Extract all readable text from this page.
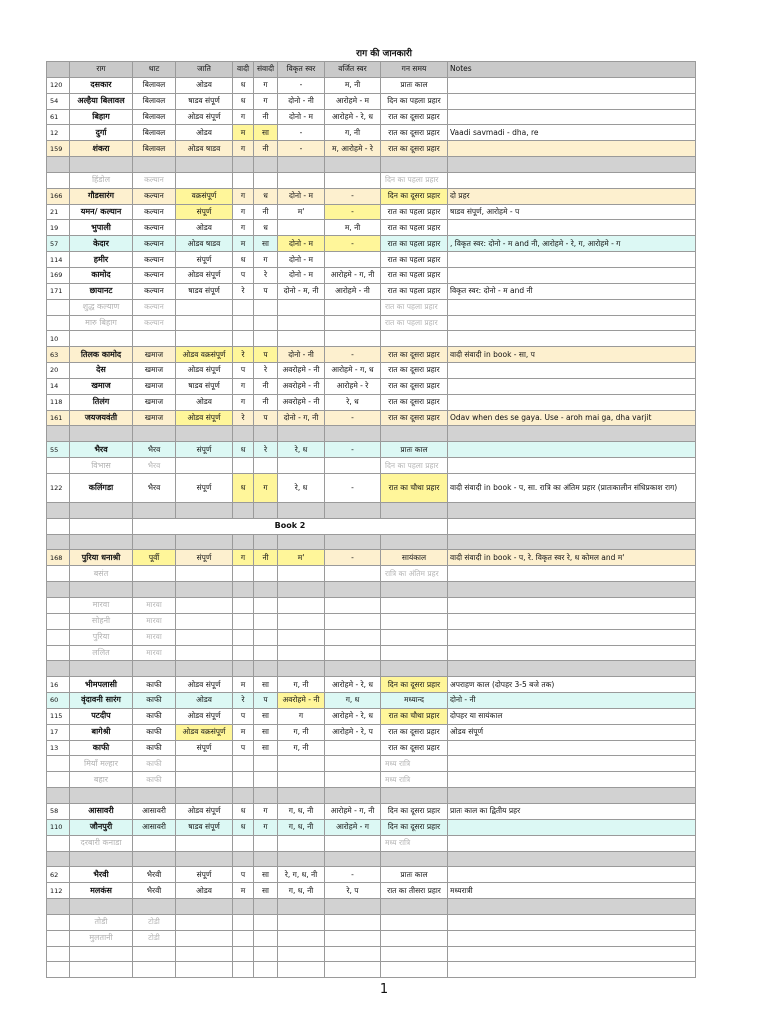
राग की जानकारी
	राग	थाट	जाति	वादी	संवादी	विकृत स्वर	वर्जित स्वर	गन समय	Notes
120	दसकार	बिलावल	ओडव	ध	ग	-	म, नी	प्रातः काल	
54	अल्हैया बिलावल	बिलावल	षाडव संपूर्ण	ध	ग	दोनो - नी	आरोहमे - म	दिन का पहला प्रहार	
61	बिहाग	बिलावल	ओडव संपूर्ण	ग	नी	दोनो - म	आरोहमे - रे, ध	रात का दूसरा प्रहार	
12	दुर्गा	बिलावल	ओडव	म	सा	-	ग, नी	रात का दूसरा प्रहार	Vaadi savmadi - dha, re
159	शंकरा	बिलावल	ओडव षाडव	ग	नी	-	म, आरोहमे - रे	रात का दूसरा प्रहार	

	हिंडोल	कल्यान						दिन का पहला प्रहार	
166	गौडसारंग	कल्यान	वक्रसंपूर्ण	ग	ध	दोनो - म	-	दिन का दूसरा प्रहार	दो प्रहर
21	यमन/ कल्यान	कल्यान	संपूर्ण	ग	नी	म'	-	रात का पहला प्रहार	षाडव संपूर्ण, आरोहमे - प
19	भुपाली	कल्यान	ओडव	ग	ध		म, नी	रात का पहला प्रहार	
57	केदार	कल्यान	ओडव षाडव	म	सा	दोनो - म	-	रात का पहला प्रहार	, विकृत स्वर: दोनो - म and नी, आरोहमे - रे, ग, आरोहमे - ग
114	हमीर	कल्यान	संपूर्ण	ध	ग	दोनो - म		रात का पहला प्रहार	
169	कामोद	कल्यान	ओडव संपूर्ण	प	रे	दोनो - म	आरोहमे - ग, नी	रात का पहला प्रहार	
171	छायानट	कल्यान	षाडव संपूर्ण	रे	प	दोनो - म, नी	आरोहमे - नी	रात का पहला प्रहार	विकृत स्वर: दोनो - म and नी
	शुद्ध कल्याण	कल्यान						रात का पहला प्रहार	
	मारु बिहाग	कल्यान						रात का पहला प्रहार	
10									
63	तिलक कामोद	खमाज	ओडव वक्रसंपूर्ण	रे	प	दोनो - नी	-	रात का दूसरा प्रहार	वादी संवादी in book - सा, प
20	देस	खमाज	ओडव संपूर्ण	प	रे	अवरोहमे - नी	आरोहमे - ग, ध	रात का दूसरा प्रहार	
14	खमाज	खमाज	षाडव संपूर्ण	ग	नी	अवरोहमे - नी	आरोहमे - रे	रात का दूसरा प्रहार	
118	तिलंग	खमाज	ओडव	ग	नी	अवरोहमे - नी	रे, ध	रात का दूसरा प्रहार	
161	जयजयवंती	खमाज	ओडव संपूर्ण	रे	प	दोनो - ग, नी	-	रात का दूसरा प्रहार	Odav when des se gaya. Use - aroh mai ga, dha varjit

55	भैरव	भैरव	संपूर्ण	ध	रे	रे, ध	-	प्रातः काल	
	विभास	भैरव						दिन का पहला प्रहार	
122	कलिंगडा	भैरव	संपूर्ण	ध	ग	रे, ध	-	रात का चौथा प्रहार	वादी संवादी in book - प, सा. रात्रि का अंतिम प्रहार (प्रातःकालीन संधिप्रकाश राग)

		Book 2							

168	पुरिया धनाश्री	पूर्वी	संपूर्ण	ग	नी	म'	-	सायंकाल	वादी संवादी in book - प, रे. विकृत स्वर रे, ध कोमल and म'
	बसंत							रात्रि का अंतिम प्रहर	

	मारवा	मारवा							
	सोहनी	मारवा							
	पुरिया	मारवा							
	ललित	मारवा							

16	भीमपलासी	काफी	ओडव संपूर्ण	म	सा	ग, नी	आरोहमे - रे, ध	दिन का दूसरा प्रहार	अपराहण काल (दोपहर 3-5 बजे तक)
60	वृंदावनी सारंग	काफी	ओडव	रे	प	अवरोहमे - नी	ग, ध	मध्यान्द	दोनो - नी
115	पटदीप	काफी	ओडव संपूर्ण	प	सा	ग	आरोहमे - रे, ध	रात का चौथा प्रहार	दोपहर या सायंकाल
17	बागेश्री	काफी	ओडव वक्रसंपूर्ण	म	सा	ग, नी	आरोहमे - रे, प	रात का दूसरा प्रहार	ओडव संपूर्ण
13	काफी	काफी	संपूर्ण	प	सा	ग, नी		रात का दूसरा प्रहार	
	मियाँ मल्हार	काफी						मध्य रात्रि	
	बहार	काफी						मध्य रात्रि	

58	आसावरी	आसावरी	ओडव संपूर्ण	ध	ग	ग, ध, नी	आरोहमे - ग, नी	दिन का दूसरा प्रहार	प्रातः काल का द्वितीय प्रहर
110	जौनपुरी	आसावरी	षाडव संपूर्ण	ध	ग	ग, ध, नी	आरोहमे - ग	दिन का दूसरा प्रहार	
	दरबारी कनाडा							मध्य रात्रि	

62	भैरवी	भैरवी	संपूर्ण	प	सा	रे, ग, ध, नी	-	प्रातः काल	
112	मलकंस	भैरवी	ओडव	म	सा	ग, ध, नी	रे, प	रात का तीसरा प्रहार	मध्यरात्री

	तोडी	टोडी							
	मुलतानी	टोडी							

1
